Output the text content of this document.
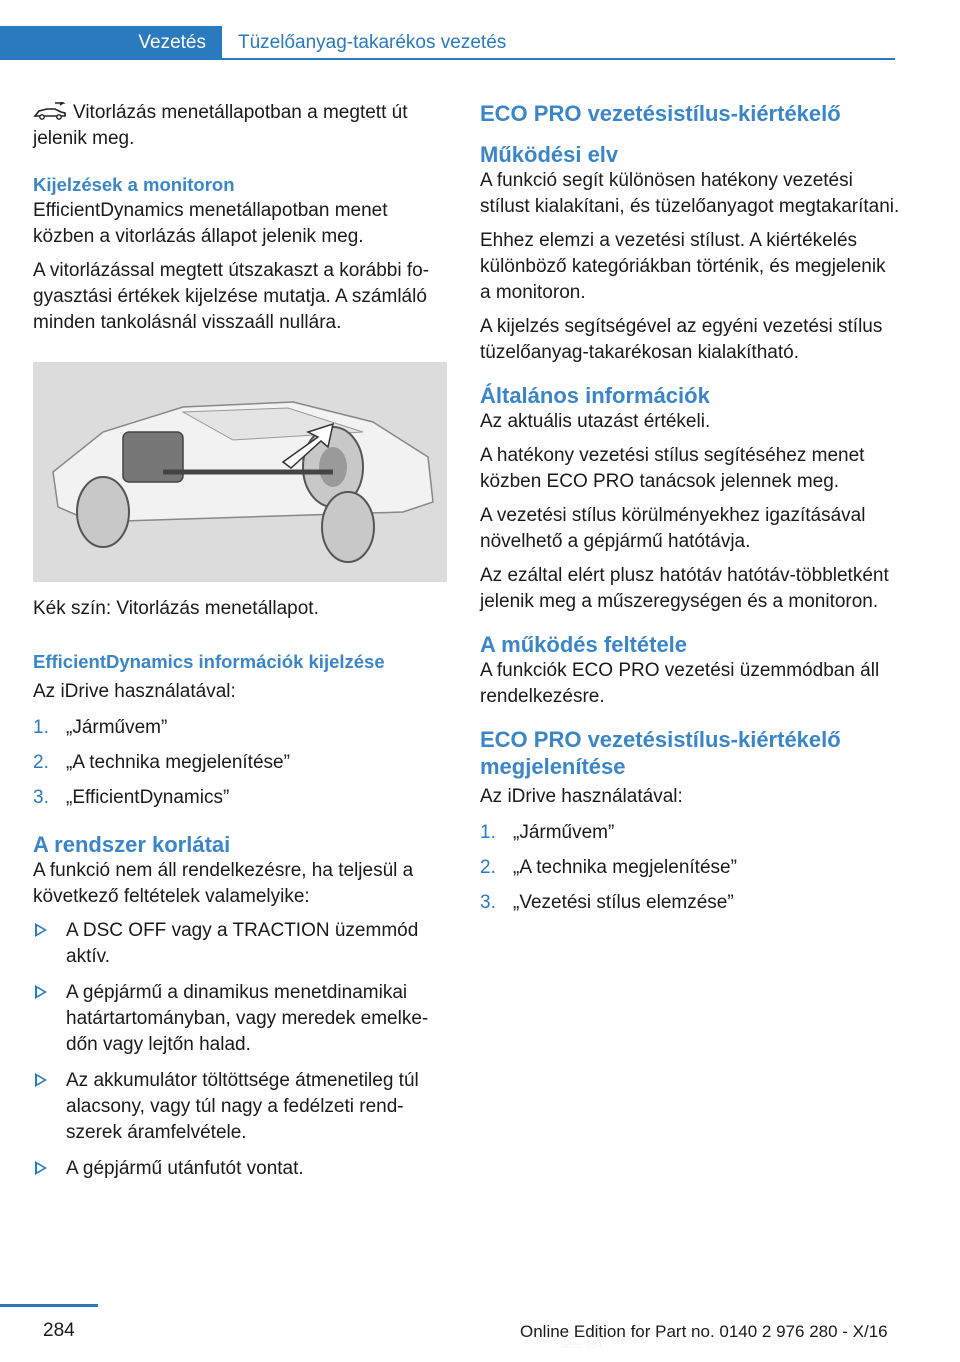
Vezetés Tüzelőanyag-takarékos vezetés

Vitorlázás menetállapotban a megtett út jelenik meg.

Kijelzések a monitoron

EfficientDynamics menetállapotban menet közben a vitorlázás állapot jelenik meg.

A vitorlázással megtett útszakaszt a korábbi fogyasztási értékek kijelzése mutatja. A számláló minden tankolásnál visszaáll nullára.

Kék szín: Vitorlázás menetállapot.

EfficientDynamics információk kijelzése

Az iDrive használatával:

1. „Járművem”
2. „A technika megjelenítése”
3. „EfficientDynamics”
A rendszer korlátai

A funkció nem áll rendelkezésre, ha teljesül a következő feltételek valamelyike:

A DSC OFF vagy a TRACTION üzemmód aktív.
A gépjármű a dinamikus menetdinamikai határtartományban, vagy meredek emelkedőn vagy lejtőn halad.
Az akkumulátor töltöttsége átmenetileg túl alacsony, vagy túl nagy a fedélzeti rendszerek áramfelvétele.
A gépjármű utánfutót vontat.
ECO PRO vezetésistílus-kiértékelő
Működési elv

A funkció segít különösen hatékony vezetési stílust kialakítani, és tüzelőanyagot megtakarítani.

Ehhez elemzi a vezetési stílust. A kiértékelés különböző kategóriákban történik, és megjelenik a monitoron.

A kijelzés segítségével az egyéni vezetési stílus tüzelőanyag-takarékosan kialakítható.

Általános információk

Az aktuális utazást értékeli.

A hatékony vezetési stílus segítéséhez menet közben ECO PRO tanácsok jelennek meg.

A vezetési stílus körülményekhez igazításával növelhető a gépjármű hatótávja.

Az ezáltal elért plusz hatótáv hatótáv-többletként jelenik meg a műszeregységen és a monitoron.

A működés feltétele

A funkciók ECO PRO vezetési üzemmódban áll rendelkezésre.

ECO PRO vezetésistílus-kiértékelő megjelenítése

Az iDrive használatával:

1. „Járművem”
2. „A technika megjelenítése”
3. „Vezetési stílus elemzése”
284	Online Edition for Part no. 0140 2 976 280 - X/16
Seite 284
